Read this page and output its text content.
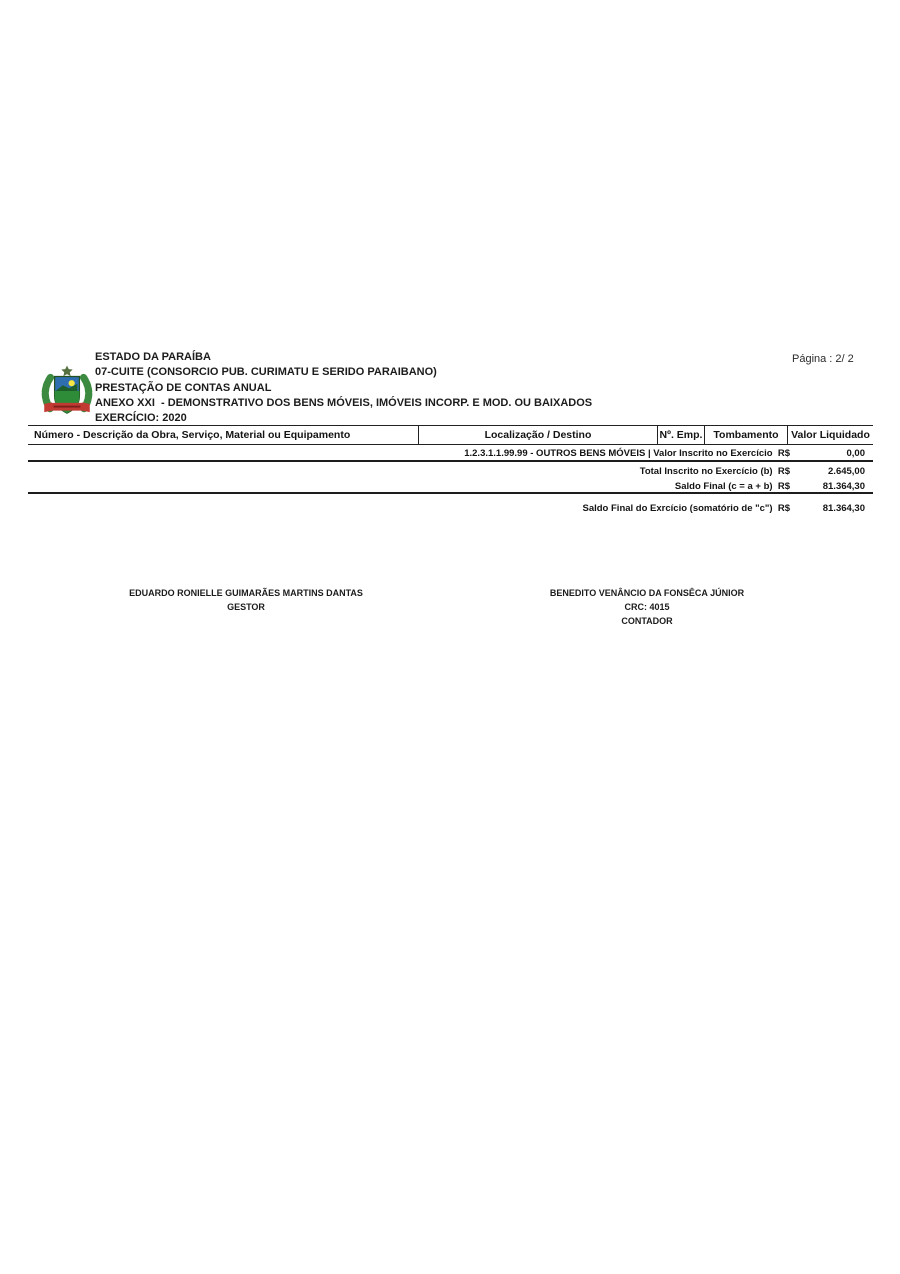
ESTADO DA PARAÍBA
07-CUITE (CONSORCIO PUB. CURIMATU E SERIDO PARAIBANO)
PRESTAÇÃO DE CONTAS ANUAL
ANEXO XXI  - DEMONSTRATIVO DOS BENS MÓVEIS, IMÓVEIS INCORP. E MOD. OU BAIXADOS
EXERCÍCIO: 2020
Página : 2/ 2
Número - Descrição da Obra, Serviço, Material ou Equipamento	Localização / Destino	Nº. Emp.	Tombamento	Valor Liquidado
1.2.3.1.1.99.99 - OUTROS BENS MÓVEIS | Valor Inscrito no Exercício  R$	0,00
Total Inscrito no Exercício (b)  R$	2.645,00
Saldo Final (c = a + b)  R$	81.364,30
Saldo Final do Exrcício (somatório de "c")  R$	81.364,30
EDUARDO RONIELLE GUIMARÃES MARTINS DANTAS
GESTOR
BENEDITO VENÂNCIO DA FONSÊCA JÚNIOR
CRC: 4015
CONTADOR
